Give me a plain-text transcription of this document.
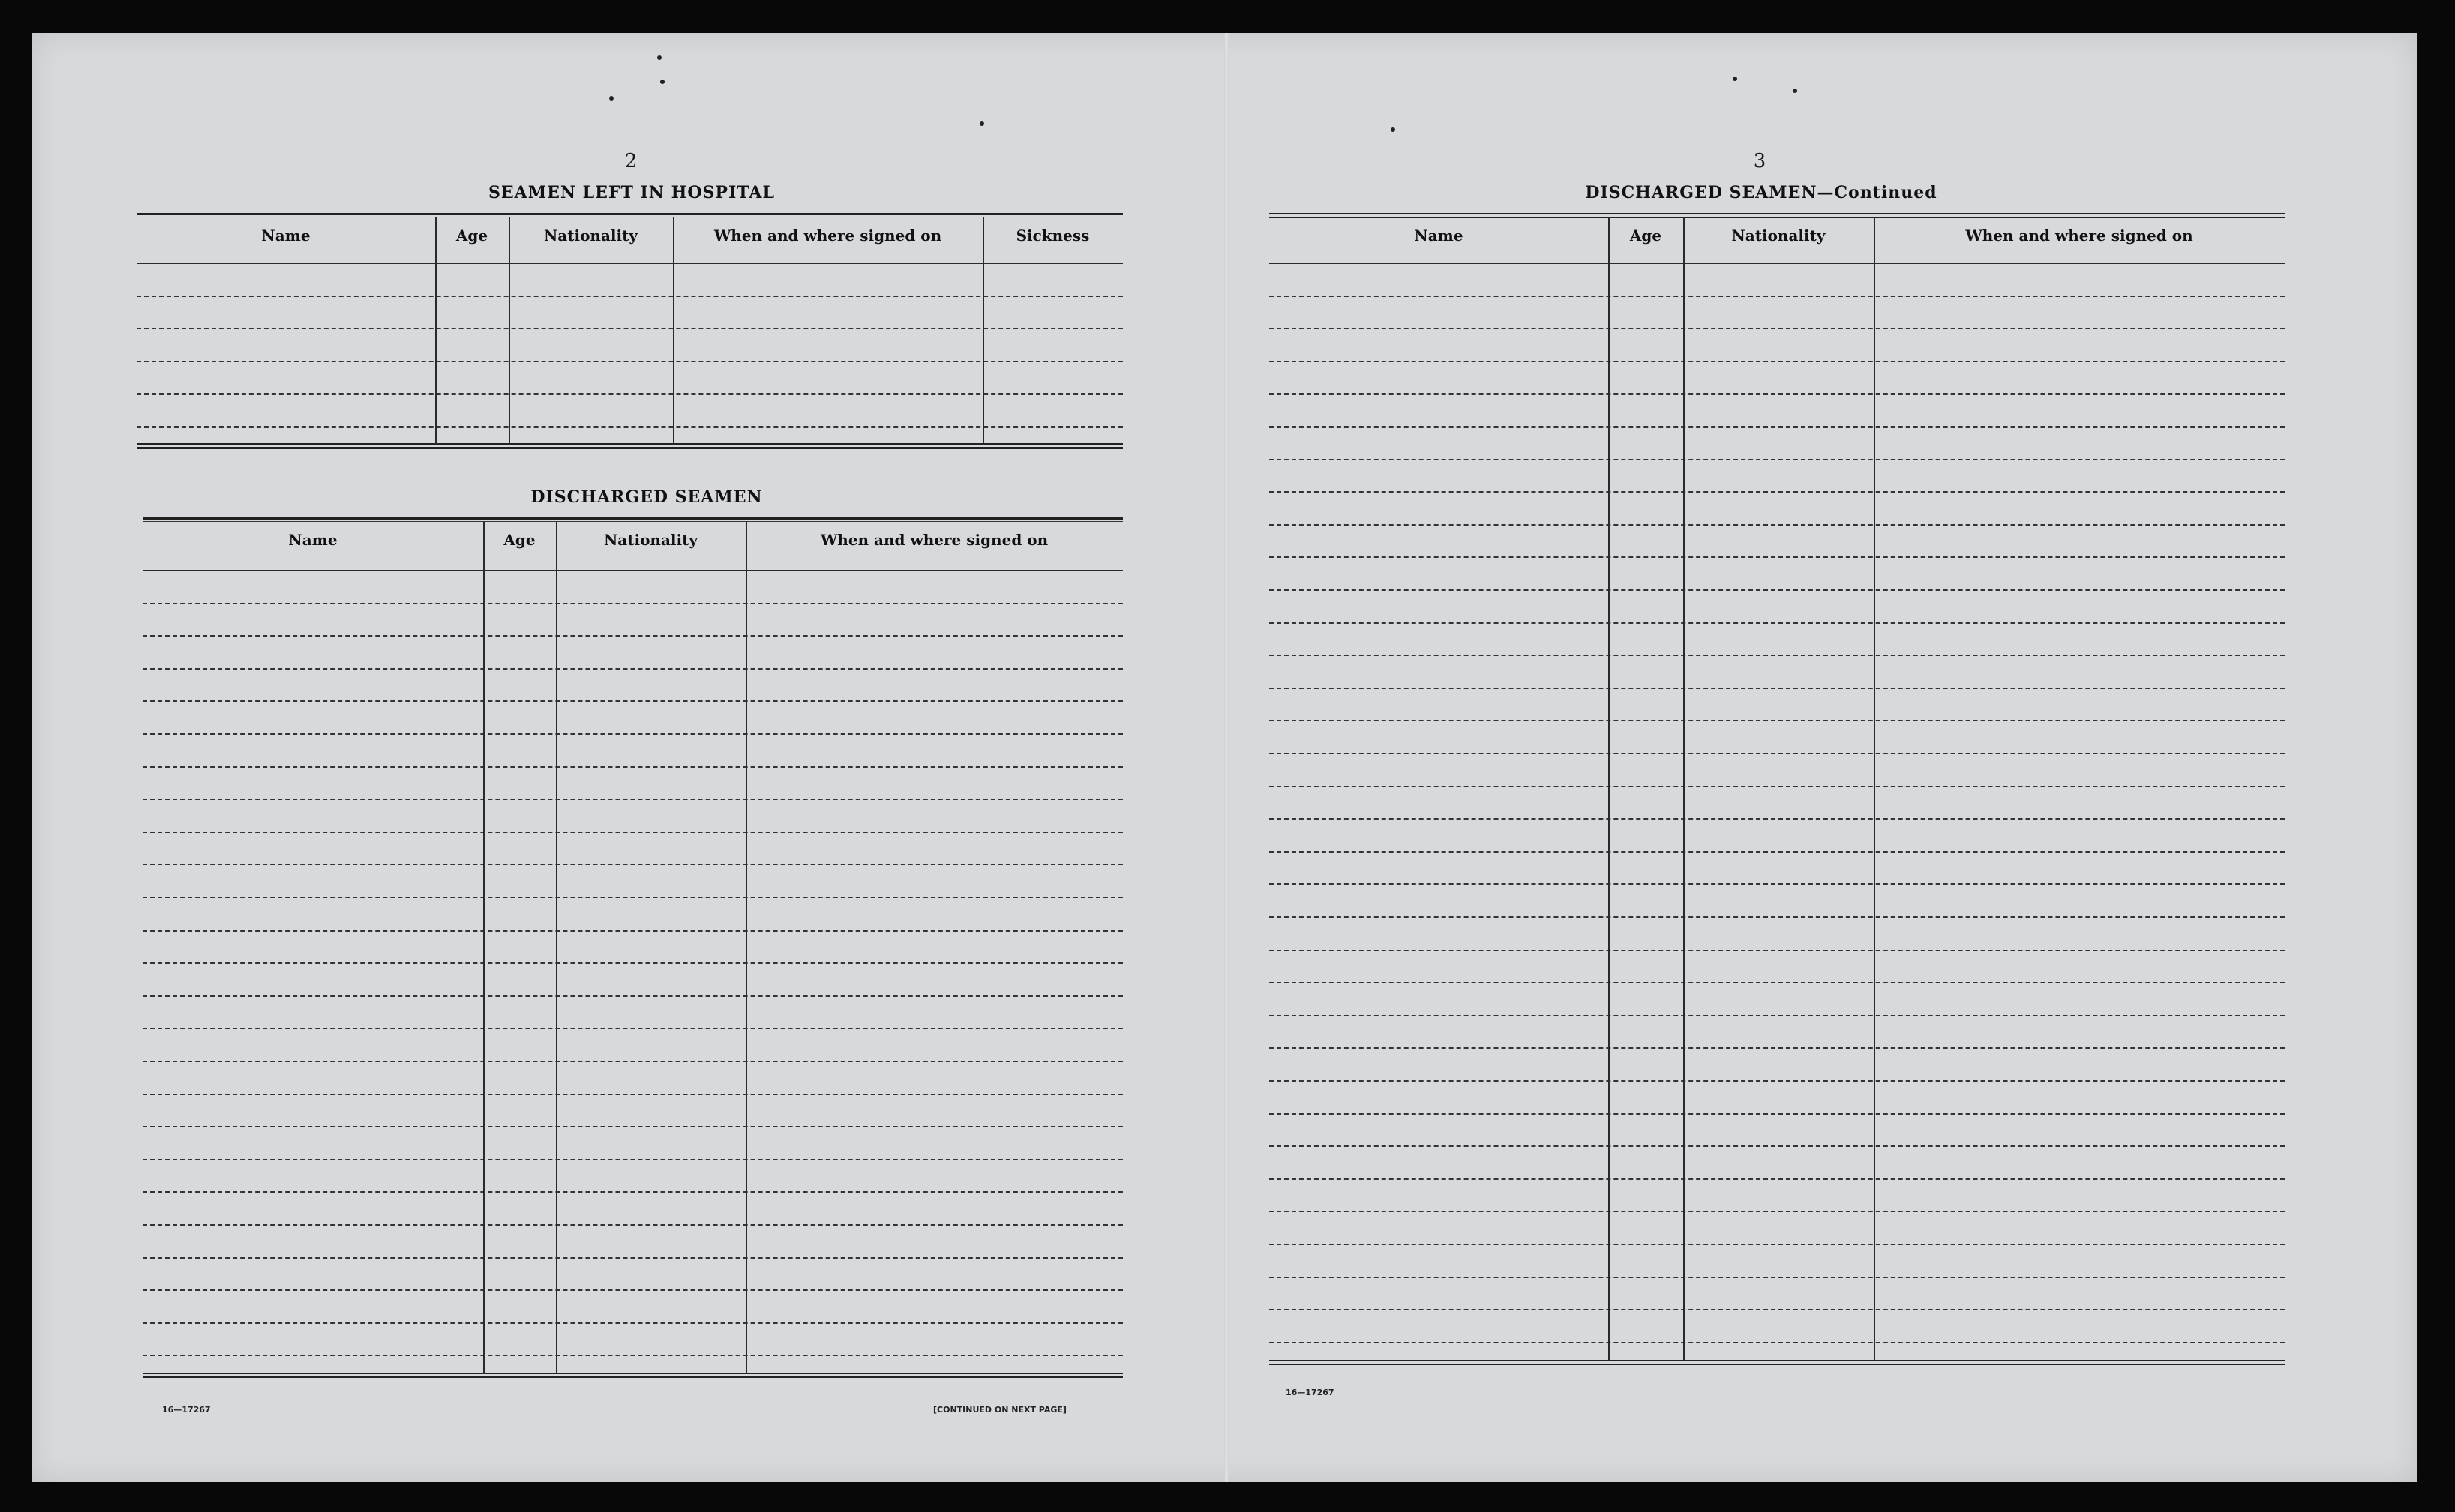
2
SEAMEN LEFT IN HOSPITAL
Name	Age	Nationality	When and where signed on	Sickness
DISCHARGED SEAMEN
Name	Age	Nationality	When and where signed on
16—17267	[CONTINUED ON NEXT PAGE]
3
DISCHARGED SEAMEN—Continued
Name	Age	Nationality	When and where signed on
16—17267
